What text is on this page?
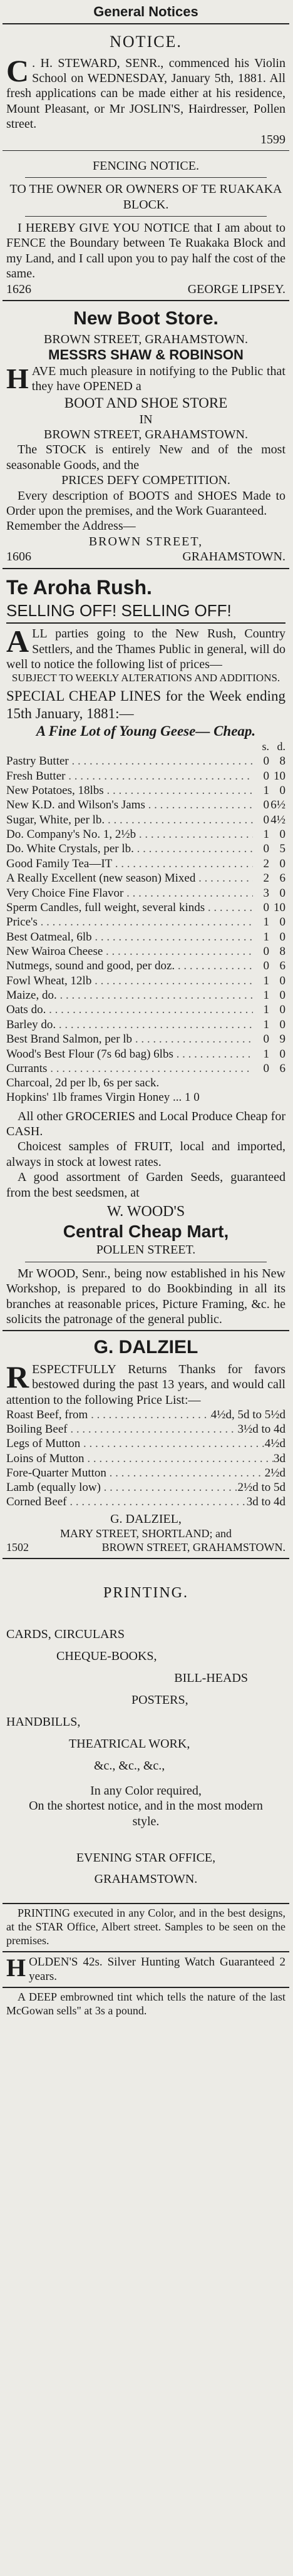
General Notices
NOTICE.
C . H. STEWARD, SENR., commenced his Violin School on WEDNESDAY, January 5th, 1881. All fresh applications can be made either at his residence, Mount Pleasant, or Mr JOSLIN'S, Hairdresser, Pollen street.
1599
FENCING NOTICE.
TO THE OWNER OR OWNERS OF TE RUAKAKA BLOCK.
I HEREBY GIVE YOU NOTICE that I am about to FENCE the Boundary between Te Ruakaka Block and my Land, and I call upon you to pay half the cost of the same.
1626	GEORGE LIPSEY.
New Boot Store.
BROWN STREET, GRAHAMSTOWN.
MESSRS SHAW & ROBINSON
HAVE much pleasure in notifying to the Public that they have OPENED a
BOOT AND SHOE STORE
IN
BROWN STREET, GRAHAMSTOWN.
The STOCK is entirely New and of the most seasonable Goods, and the
PRICES DEFY COMPETITION.
Every description of BOOTS and SHOES Made to Order upon the premises, and the Work Guaranteed.
Remember the Address—
BROWN STREET,
1606	GRAHAMSTOWN.
Te Aroha Rush.
SELLING OFF! SELLING OFF!
ALL parties going to the New Rush, Country Settlers, and the Thames Public in general, will do well to notice the following list of prices—
SUBJECT TO WEEKLY ALTERATIONS AND ADDITIONS.
SPECIAL CHEAP LINES for the Week ending 15th January, 1881:—
A Fine Lot of Young Geese— Cheap.
s. d.
Pastry Butter . . .	0 8
Fresh Butter . . .	0 10
New Potatoes, 18lbs . . .	1 0
New K.D. and Wilson's Jams . . .	0 6½
Sugar, White, per lb. . . .	0 4½
Do. Company's No. 1, 2½b . . .	1 0
Do. White Crystals, per lb. . . .	0 5
Good Family Tea—IT . . .	2 0
A Really Excellent (new season) Mixed . . .	2 6
Very Choice Fine Flavor . . .	3 0
Sperm Candles, full weight, several kinds . . .	0 10
Price's . . .	1 0
Best Oatmeal, 6lb . . .	1 0
New Wairoa Cheese . . .	0 8
Nutmegs, sound and good, per doz. . . .	0 6
Fowl Wheat, 12lb . . .	1 0
Maize, do. . . .	1 0
Oats do. . . .	1 0
Barley do. . . .	1 0
Best Brand Salmon, per lb . . .	0 9
Wood's Best Flour (7s 6d bag) 6lbs . . .	1 0
Currants . . .	0 6
Charcoal, 2d per lb, 6s per sack.
Hopkins' 1lb frames Virgin Honey ... 1 0
All other GROCERIES and Local Produce Cheap for CASH.
Choicest samples of FRUIT, local and imported, always in stock at lowest rates.
A good assortment of Garden Seeds, guaranteed from the best seedsmen, at
W. WOOD'S
Central Cheap Mart,
POLLEN STREET.
Mr WOOD, Senr., being now established in his New Workshop, is prepared to do Bookbinding in all its branches at reasonable prices, Picture Framing, &c. he solicits the patronage of the general public.
G. DALZIEL
RESPECTFULLY Returns Thanks for favors bestowed during the past 13 years, and would call attention to the following Price List:—
Roast Beef, from . . .	4½d, 5d to 5½d
Boiling Beef . . .	3½d to 4d
Legs of Mutton . . .	4½d
Loins of Mutton . . .	3d
Fore-Quarter Mutton . . .	2½d
Lamb (equally low) . . .	2½d to 5d
Corned Beef . . .	3d to 4d
G. DALZIEL,
MARY STREET, SHORTLAND; and
1502	BROWN STREET, GRAHAMSTOWN.
PRINTING.
CARDS, CIRCULARS
CHEQUE-BOOKS,
BILL-HEADS
POSTERS,
HANDBILLS,
THEATRICAL WORK,
&c., &c., &c.,
In any Color required,
On the shortest notice, and in the most modern style.
EVENING STAR OFFICE,
GRAHAMSTOWN.
PRINTING executed in any Color, and in the best designs, at the STAR Office, Albert street. Samples to be seen on the premises.
HOLDEN'S 42s. Silver Hunting Watch Guaranteed 2 years.
A DEEP embrowned tint which tells the nature of the last McGowan sells" at 3s a pound.
